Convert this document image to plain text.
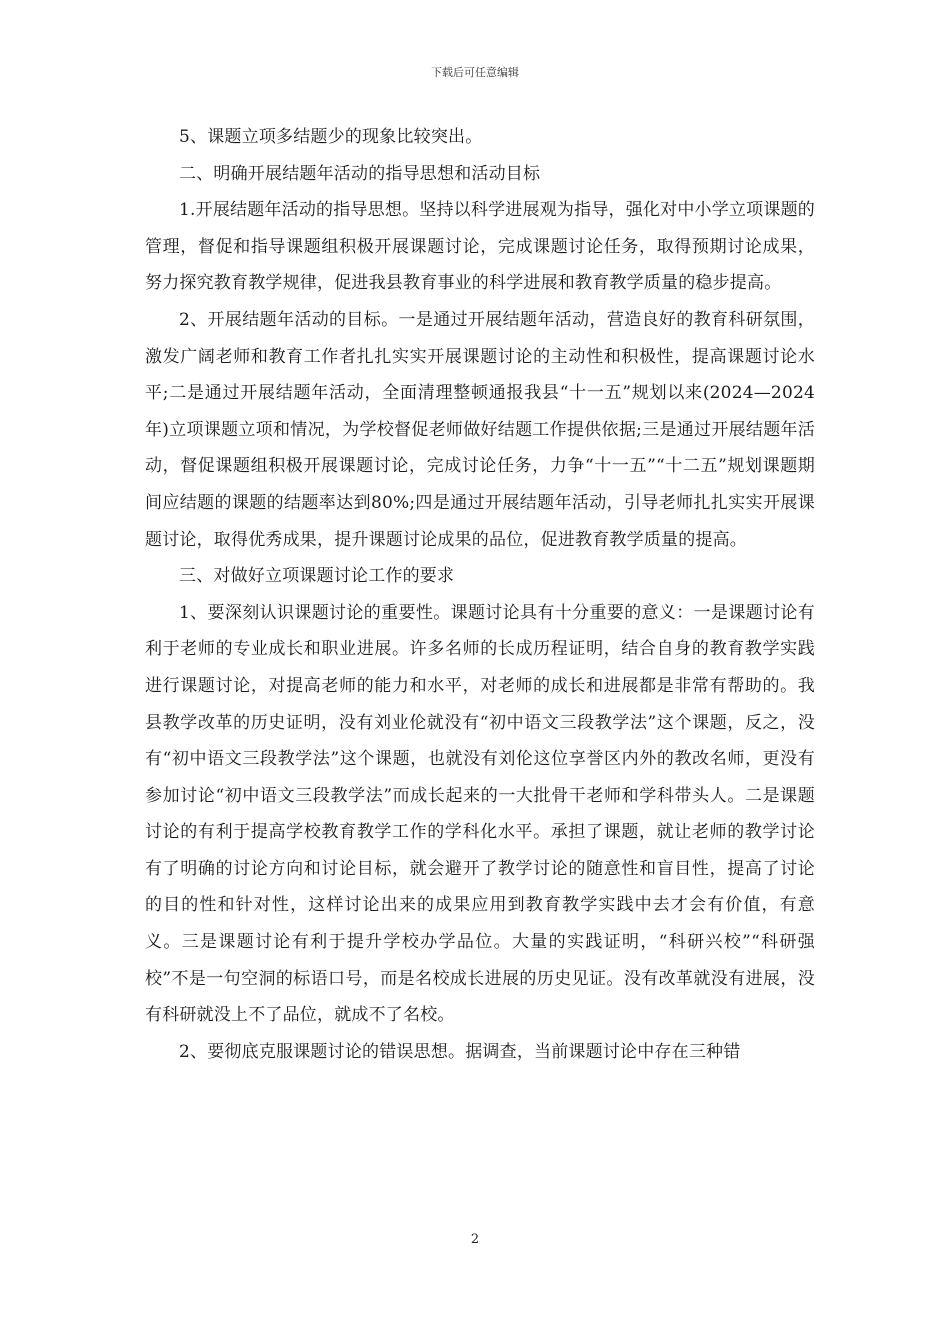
下载后可任意编辑

5、课题立项多结题少的现象比较突出。

二、明确开展结题年活动的指导思想和活动目标

1.开展结题年活动的指导思想。坚持以科学进展观为指导，强化对中小学立项课题的管理，督促和指导课题组积极开展课题讨论，完成课题讨论任务，取得预期讨论成果，努力探究教育教学规律，促进我县教育事业的科学进展和教育教学质量的稳步提高。

2、开展结题年活动的目标。一是通过开展结题年活动，营造良好的教育科研氛围，激发广阔老师和教育工作者扎扎实实开展课题讨论的主动性和积极性，提高课题讨论水平;二是通过开展结题年活动，全面清理整顿通报我县“十一五”规划以来(2024—2024年)立项课题立项和情况，为学校督促老师做好结题工作提供依据;三是通过开展结题年活动，督促课题组积极开展课题讨论，完成讨论任务，力争“十一五”“十二五”规划课题期间应结题的课题的结题率达到80%;四是通过开展结题年活动，引导老师扎扎实实开展课题讨论，取得优秀成果，提升课题讨论成果的品位，促进教育教学质量的提高。

三、对做好立项课题讨论工作的要求

1、要深刻认识课题讨论的重要性。课题讨论具有十分重要的意义：一是课题讨论有利于老师的专业成长和职业进展。许多名师的长成历程证明，结合自身的教育教学实践进行课题讨论，对提高老师的能力和水平，对老师的成长和进展都是非常有帮助的。我县教学改革的历史证明，没有刘业伦就没有“初中语文三段教学法”这个课题，反之，没有“初中语文三段教学法”这个课题，也就没有刘伦这位享誉区内外的教改名师，更没有参加讨论“初中语文三段教学法”而成长起来的一大批骨干老师和学科带头人。二是课题讨论的有利于提高学校教育教学工作的学科化水平。承担了课题，就让老师的教学讨论有了明确的讨论方向和讨论目标，就会避开了教学讨论的随意性和盲目性，提高了讨论的目的性和针对性，这样讨论出来的成果应用到教育教学实践中去才会有价值，有意义。三是课题讨论有利于提升学校办学品位。大量的实践证明，“科研兴校”“科研强校”不是一句空洞的标语口号，而是名校成长进展的历史见证。没有改革就没有进展，没有科研就没上不了品位，就成不了名校。

2、要彻底克服课题讨论的错误思想。据调查，当前课题讨论中存在三种错

2
